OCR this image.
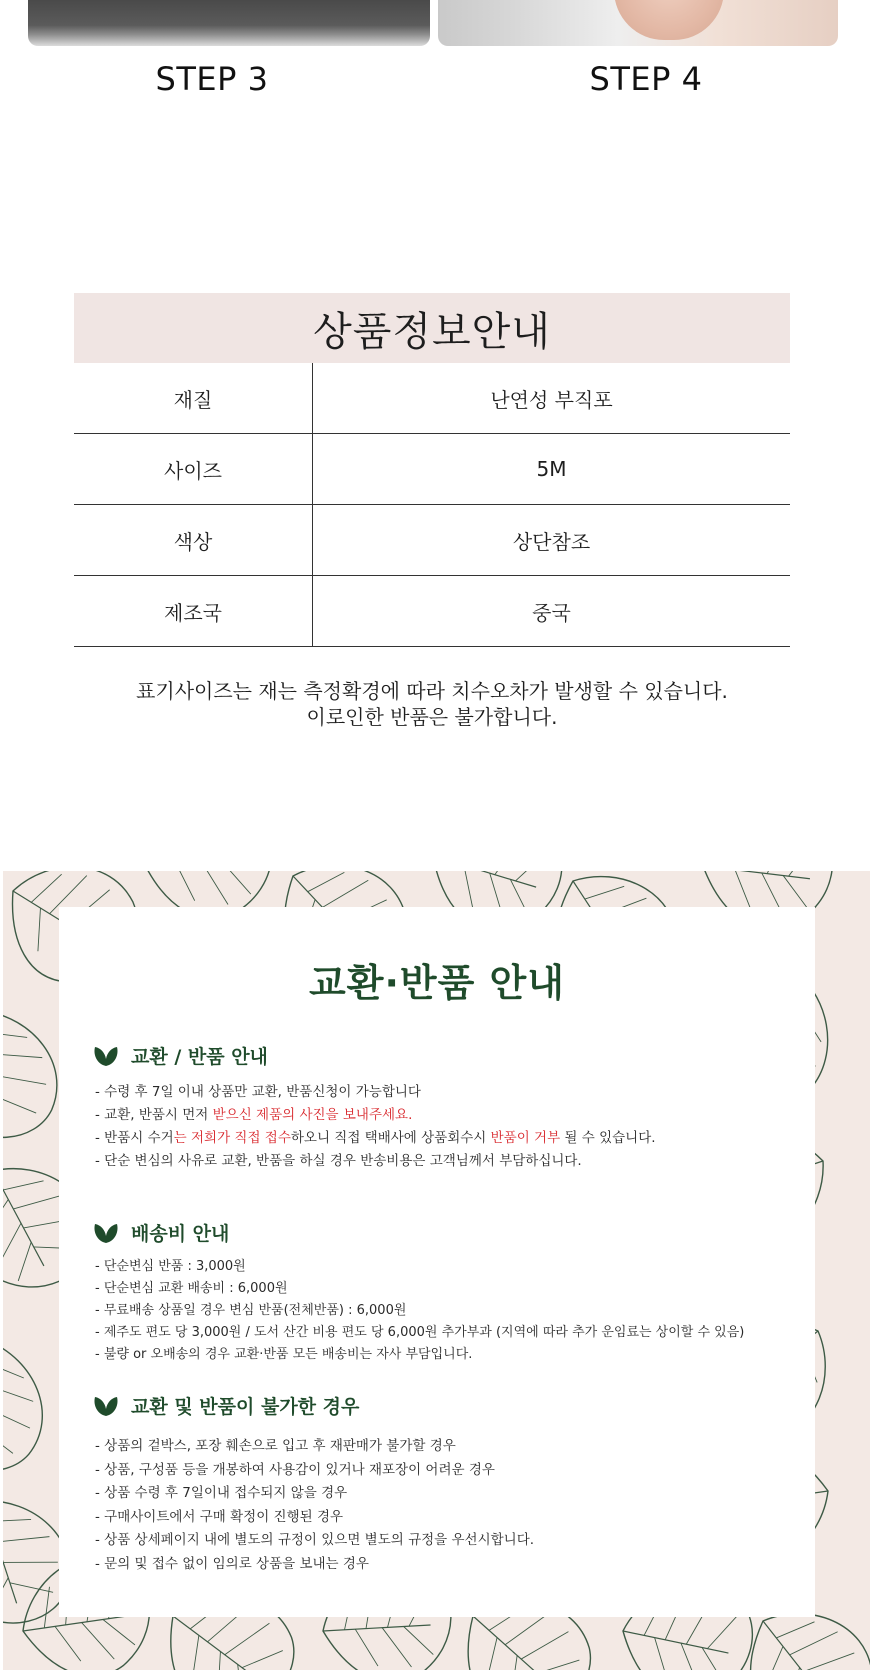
STEP 3	STEP 4
상품정보안내
재질	난연성 부직포
사이즈	5M
색상	상단참조
제조국	중국
표기사이즈는 재는 측정확경에 따라 치수오차가 발생할 수 있습니다.
이로인한 반품은 불가합니다.
교환·반품 안내
교환 / 반품 안내
- 수령 후 7일 이내 상품만 교환, 반품신청이 가능합니다
- 교환, 반품시 먼저 받으신 제품의 사진을 보내주세요.
- 반품시 수거는 저희가 직접 접수하오니 직접 택배사에 상품회수시 반품이 거부 될 수 있습니다.
- 단순 변심의 사유로 교환, 반품을 하실 경우 반송비용은 고객님께서 부담하십니다.
배송비 안내
- 단순변심 반품 : 3,000원
- 단순변심 교환 배송비 : 6,000원
- 무료배송 상품일 경우 변심 반품(전체반품) : 6,000원
- 제주도 편도 당 3,000원 / 도서 산간 비용 편도 당 6,000원 추가부과 (지역에 따라 추가 운임료는 상이할 수 있음)
- 불량 or 오배송의 경우 교환·반품 모든 배송비는 자사 부담입니다.
교환 및 반품이 불가한 경우
- 상품의 겉박스, 포장 훼손으로 입고 후 재판매가 불가할 경우
- 상품, 구성품 등을 개봉하여 사용감이 있거나 재포장이 어려운 경우
- 상품 수령 후 7일이내 접수되지 않을 경우
- 구매사이트에서 구매 확정이 진행된 경우
- 상품 상세페이지 내에 별도의 규정이 있으면 별도의 규정을 우선시합니다.
- 문의 및 접수 없이 임의로 상품을 보내는 경우
